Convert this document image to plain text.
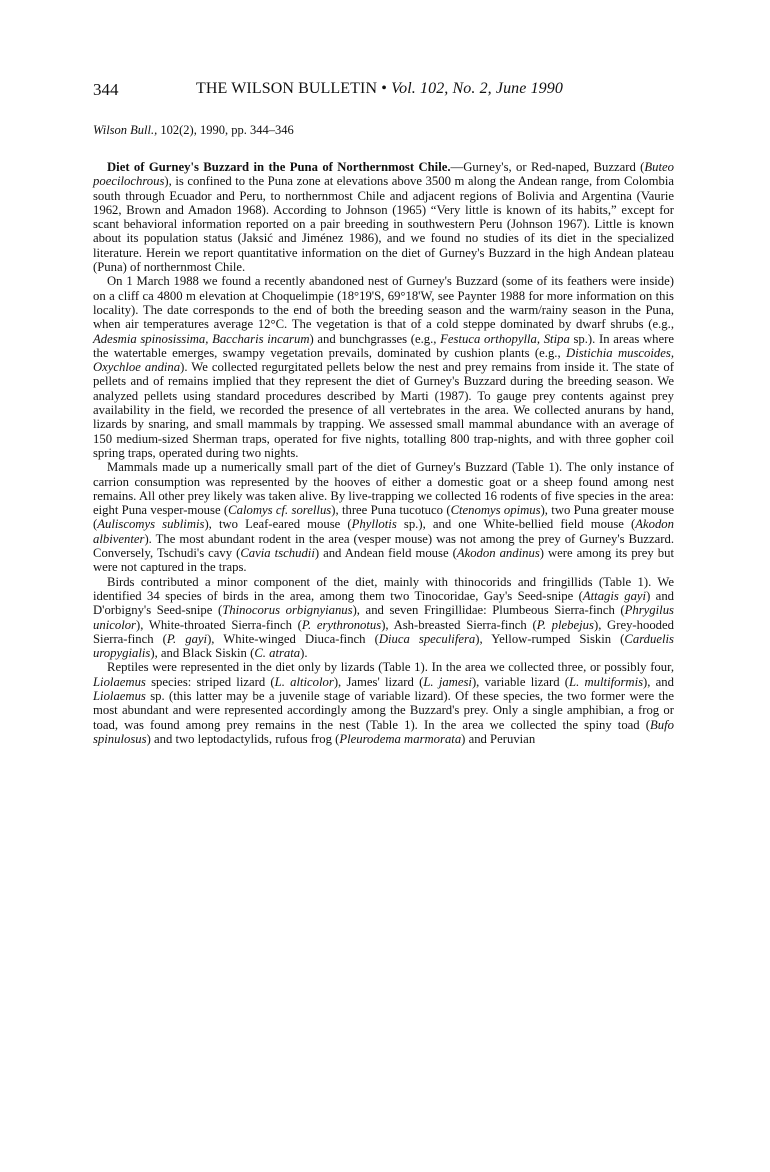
344	THE WILSON BULLETIN • Vol. 102, No. 2, June 1990
Wilson Bull., 102(2), 1990, pp. 344–346

Diet of Gurney's Buzzard in the Puna of Northernmost Chile.—Gurney's, or Red-naped, Buzzard (Buteo poecilochrous), is confined to the Puna zone at elevations above 3500 m along the Andean range, from Colombia south through Ecuador and Peru, to northernmost Chile and adjacent regions of Bolivia and Argentina (Vaurie 1962, Brown and Amadon 1968). According to Johnson (1965) “Very little is known of its habits,” except for scant behavioral information reported on a pair breeding in southwestern Peru (Johnson 1967). Little is known about its population status (Jaksić and Jiménez 1986), and we found no studies of its diet in the specialized literature. Herein we report quantitative information on the diet of Gurney's Buzzard in the high Andean plateau (Puna) of northernmost Chile.

On 1 March 1988 we found a recently abandoned nest of Gurney's Buzzard (some of its feathers were inside) on a cliff ca 4800 m elevation at Choquelimpie (18°19'S, 69°18'W, see Paynter 1988 for more information on this locality). The date corresponds to the end of both the breeding season and the warm/rainy season in the Puna, when air temperatures average 12°C. The vegetation is that of a cold steppe dominated by dwarf shrubs (e.g., Adesmia spinosissima, Baccharis incarum) and bunchgrasses (e.g., Festuca orthopylla, Stipa sp.). In areas where the watertable emerges, swampy vegetation prevails, dominated by cushion plants (e.g., Distichia muscoides, Oxychloe andina). We collected regurgitated pellets below the nest and prey remains from inside it. The state of pellets and of remains implied that they represent the diet of Gurney's Buzzard during the breeding season. We analyzed pellets using standard procedures described by Marti (1987). To gauge prey contents against prey availability in the field, we recorded the presence of all vertebrates in the area. We collected anurans by hand, lizards by snaring, and small mammals by trapping. We assessed small mammal abundance with an average of 150 medium-sized Sherman traps, operated for five nights, totalling 800 trap-nights, and with three gopher coil spring traps, operated during two nights.

Mammals made up a numerically small part of the diet of Gurney's Buzzard (Table 1). The only instance of carrion consumption was represented by the hooves of either a domestic goat or a sheep found among nest remains. All other prey likely was taken alive. By live-trapping we collected 16 rodents of five species in the area: eight Puna vesper-mouse (Calomys cf. sorellus), three Puna tucotuco (Ctenomys opimus), two Puna greater mouse (Auliscomys sublimis), two Leaf-eared mouse (Phyllotis sp.), and one White-bellied field mouse (Akodon albiventer). The most abundant rodent in the area (vesper mouse) was not among the prey of Gurney's Buzzard. Conversely, Tschudi's cavy (Cavia tschudii) and Andean field mouse (Akodon andinus) were among its prey but were not captured in the traps.

Birds contributed a minor component of the diet, mainly with thinocorids and fringillids (Table 1). We identified 34 species of birds in the area, among them two Tinocoridae, Gay's Seed-snipe (Attagis gayi) and D'orbigny's Seed-snipe (Thinocorus orbignyianus), and seven Fringillidae: Plumbeous Sierra-finch (Phrygilus unicolor), White-throated Sierra-finch (P. erythronotus), Ash-breasted Sierra-finch (P. plebejus), Grey-hooded Sierra-finch (P. gayi), White-winged Diuca-finch (Diuca speculifera), Yellow-rumped Siskin (Carduelis uropygialis), and Black Siskin (C. atrata).

Reptiles were represented in the diet only by lizards (Table 1). In the area we collected three, or possibly four, Liolaemus species: striped lizard (L. alticolor), James' lizard (L. jamesi), variable lizard (L. multiformis), and Liolaemus sp. (this latter may be a juvenile stage of variable lizard). Of these species, the two former were the most abundant and were represented accordingly among the Buzzard's prey. Only a single amphibian, a frog or toad, was found among prey remains in the nest (Table 1). In the area we collected the spiny toad (Bufo spinulosus) and two leptodactylids, rufous frog (Pleurodema marmorata) and Peruvian
